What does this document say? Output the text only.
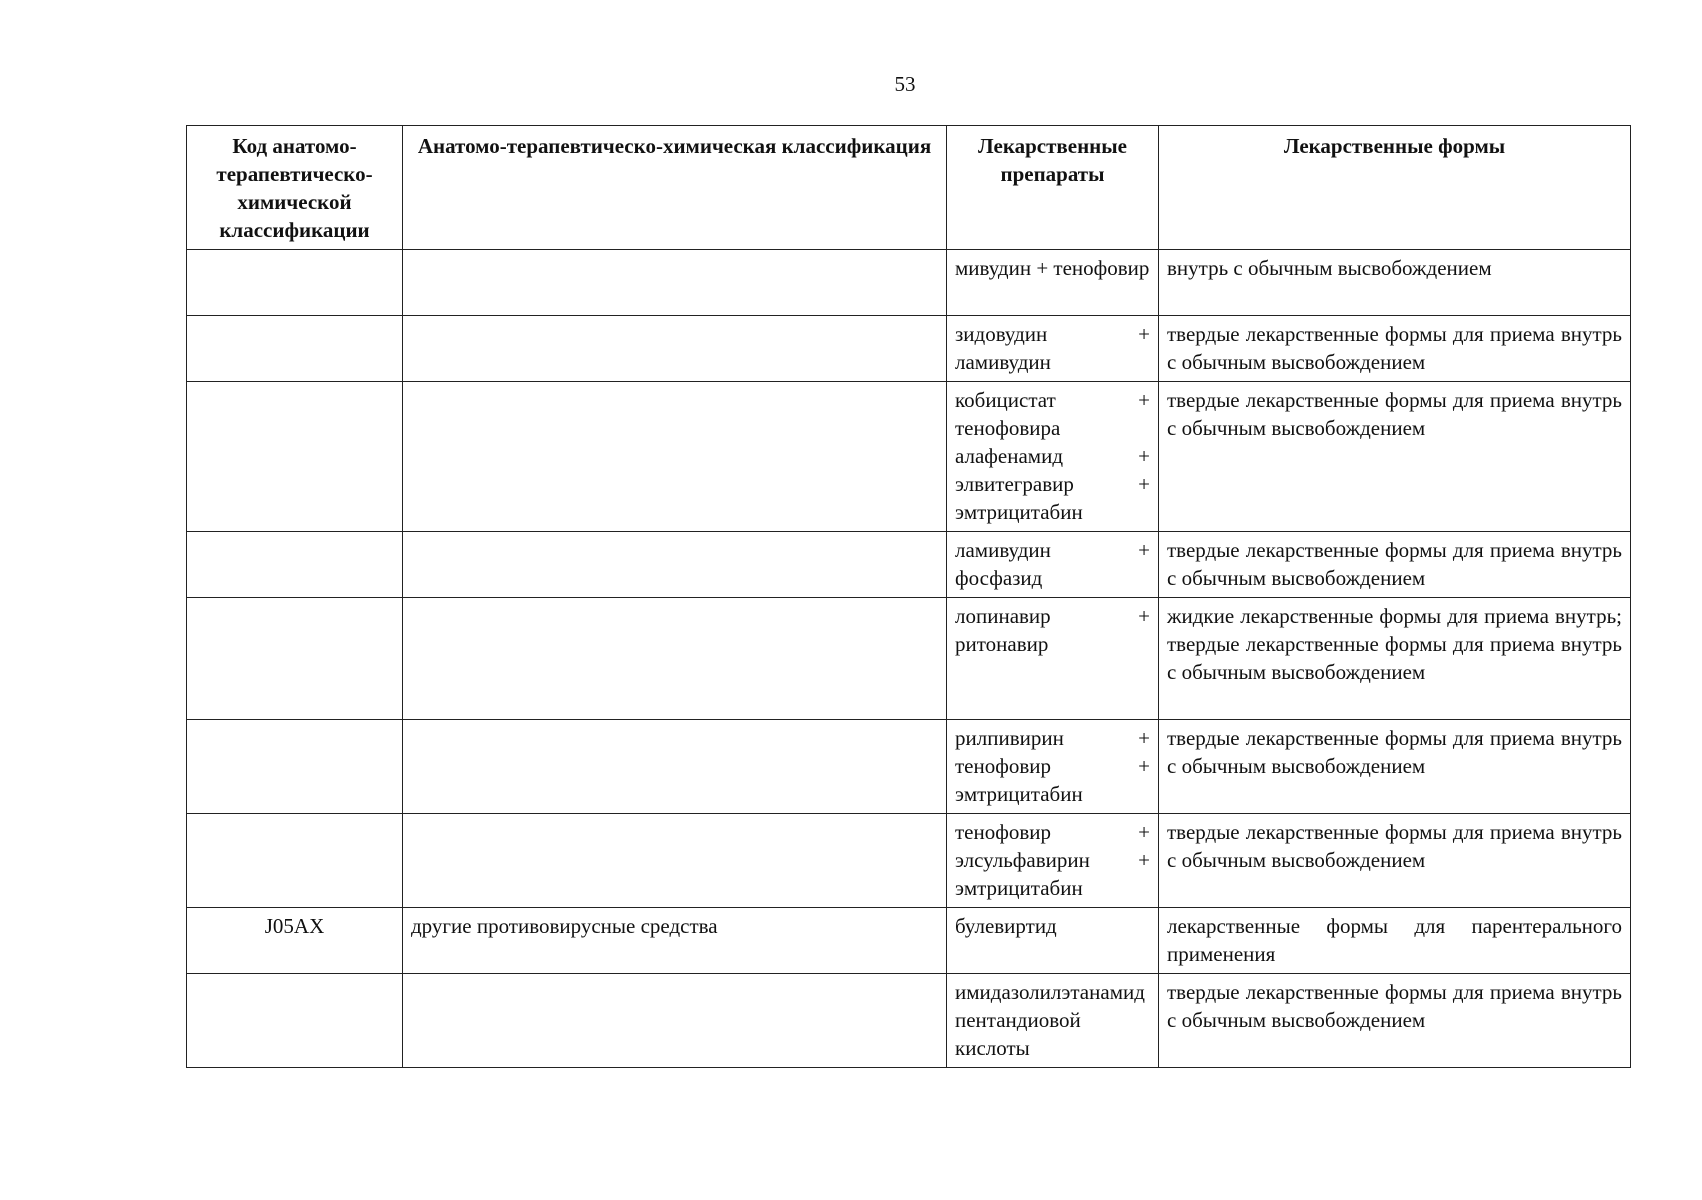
53
Код анатомо-терапевтическо-химической классификации	Анатомо-терапевтическо-химическая классификация	Лекарственные препараты	Лекарственные формы
		мивудин + тенофовир	внутрь с обычным высвобождением
		зидовудин + ламивудин	твердые лекарственные формы для приема внутрь с обычным высвобождением
		кобицистат + тенофовира алафенамид + элвитегравир + эмтрицитабин	твердые лекарственные формы для приема внутрь с обычным высвобождением
		ламивудин + фосфазид	твердые лекарственные формы для приема внутрь с обычным высвобождением
		лопинавир + ритонавир	жидкие лекарственные формы для приема внутрь; твердые лекарственные формы для приема внутрь с обычным высвобождением
		рилпивирин + тенофовир + эмтрицитабин	твердые лекарственные формы для приема внутрь с обычным высвобождением
		тенофовир + элсульфавирин + эмтрицитабин	твердые лекарственные формы для приема внутрь с обычным высвобождением
J05AX	другие противовирусные средства	булевиртид	лекарственные формы для парентерального применения
		имидазолилэтанамид пентандиовой кислоты	твердые лекарственные формы для приема внутрь с обычным высвобождением
